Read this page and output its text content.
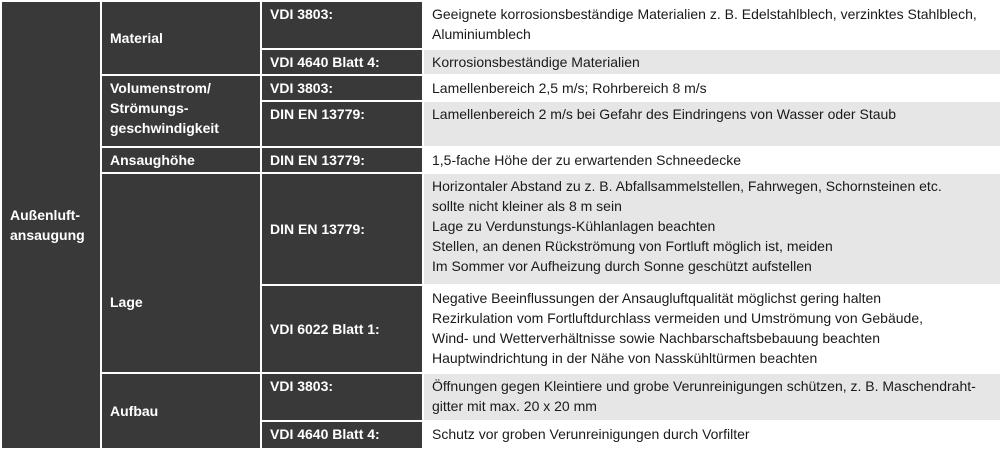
Außenluft-
ansaugung	Material	VDI 3803:	Geeignete korrosionsbeständige Materialien z. B. Edelstahlblech, verzinktes Stahlblech,
Aluminiumblech

		VDI 4640 Blatt 4:	Korrosionsbeständige Materialien

	Volumenstrom/
Strömungs-
geschwindigkeit	VDI 3803:	Lamellenbereich 2,5 m/s; Rohrbereich 8 m/s

		DIN EN 13779:	Lamellenbereich 2 m/s bei Gefahr des Eindringens von Wasser oder Staub

	Ansaughöhe	DIN EN 13779:	1,5-fache Höhe der zu erwartenden Schneedecke

	Lage	DIN EN 13779:	Horizontaler Abstand zu z. B. Abfallsammelstellen, Fahrwegen, Schornsteinen etc.
sollte nicht kleiner als 8 m sein
Lage zu Verdunstungs-Kühlanlagen beachten
Stellen, an denen Rückströmung von Fortluft möglich ist, meiden
Im Sommer vor Aufheizung durch Sonne geschützt aufstellen

		VDI 6022 Blatt 1:	Negative Beeinflussungen der Ansaugluftqualität möglichst gering halten
Rezirkulation vom Fortluftdurchlass vermeiden und Umströmung von Gebäude,
Wind- und Wetterverhältnisse sowie Nachbarschaftsbebauung beachten
Hauptwindrichtung in der Nähe von Nasskühltürmen beachten

	Aufbau	VDI 3803:	Öffnungen gegen Kleintiere und grobe Verunreinigungen schützen, z. B. Maschendraht-
gitter mit max. 20 x 20 mm

		VDI 4640 Blatt 4:	Schutz vor groben Verunreinigungen durch Vorfilter
